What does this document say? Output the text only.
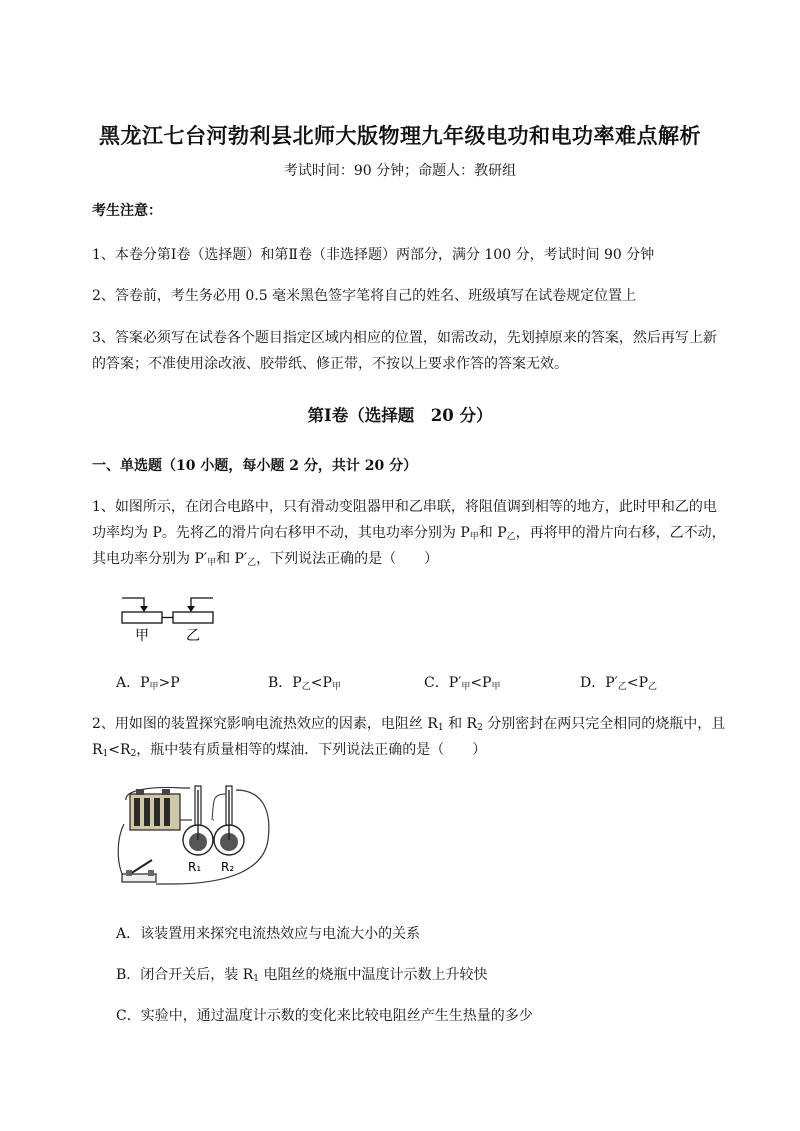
黑龙江七台河勃利县北师大版物理九年级电功和电功率难点解析
考试时间：90 分钟；命题人：教研组
考生注意：
1、本卷分第Ⅰ卷（选择题）和第Ⅱ卷（非选择题）两部分，满分 100 分，考试时间 90 分钟
2、答卷前，考生务必用 0.5 毫米黑色签字笔将自己的姓名、班级填写在试卷规定位置上
3、答案必须写在试卷各个题目指定区域内相应的位置，如需改动，先划掉原来的答案，然后再写上新
的答案；不准使用涂改液、胶带纸、修正带，不按以上要求作答的答案无效。
第Ⅰ卷（选择题　20 分）
一、单选题（10 小题，每小题 2 分，共计 20 分）
1、如图所示，在闭合电路中，只有滑动变阻器甲和乙串联，将阻值调到相等的地方，此时甲和乙的电
功率均为 P。先将乙的滑片向右移甲不动，其电功率分别为 $P_甲$和 $P_乙$，再将甲的滑片向右移，乙不动，
其电功率分别为 $P'_甲$和 $P'_乙$，下列说法正确的是（　　）
甲	乙
A．$P_甲>P$	B．$P_乙<P_甲$	C．$P'_甲<P_甲$	D．$P'_乙<P_乙$
2、用如图的装置探究影响电流热效应的因素，电阻丝 $R_1$ 和 $R_2$ 分别密封在两只完全相同的烧瓶中，且
$R_1<R_2$，瓶中装有质量相等的煤油．下列说法正确的是（　　）
R₁ R₂
A．该装置用来探究电流热效应与电流大小的关系
B．闭合开关后，装 $R_1$ 电阻丝的烧瓶中温度计示数上升较快
C．实验中，通过温度计示数的变化来比较电阻丝产生生热量的多少
